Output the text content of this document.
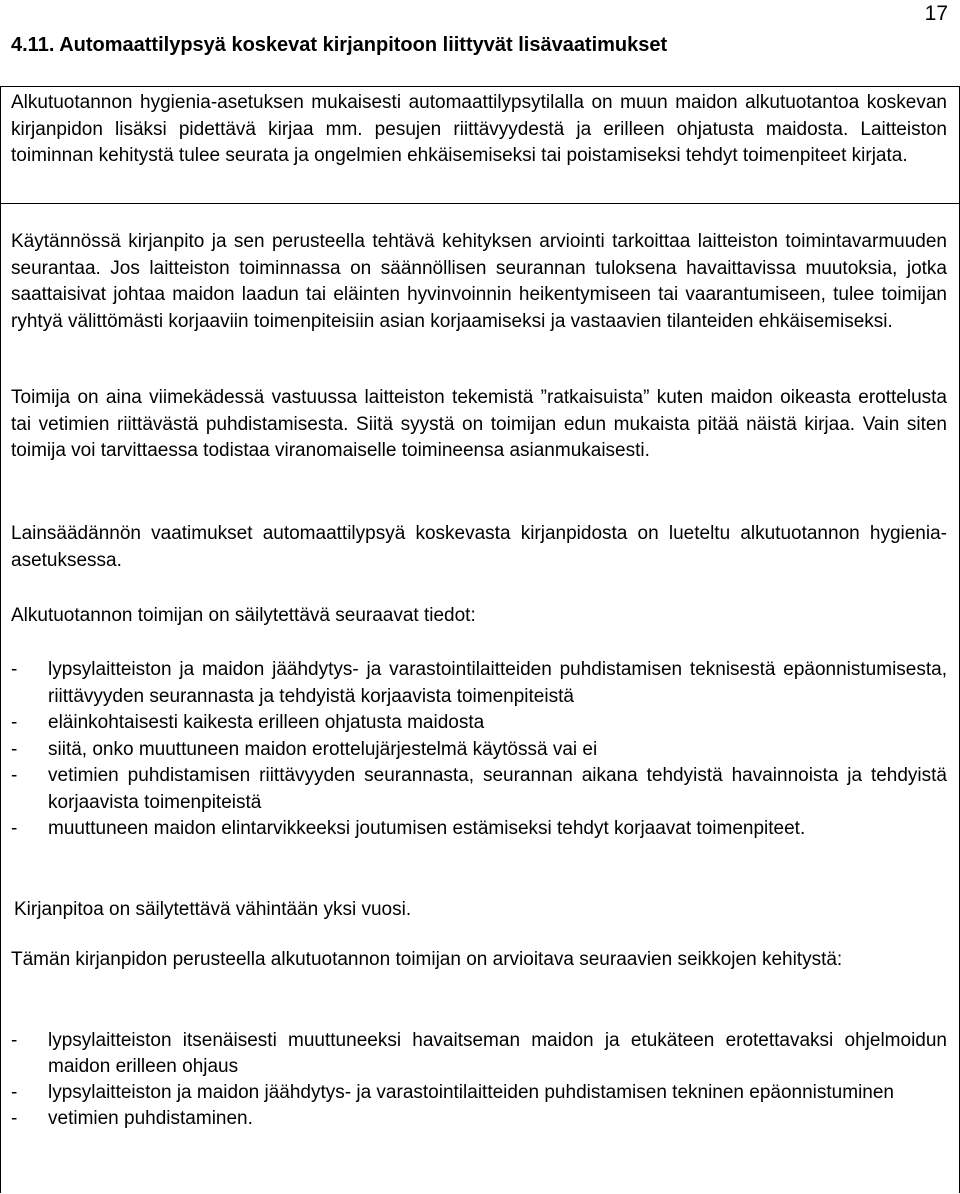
17
4.11. Automaattilypsyä koskevat kirjanpitoon liittyvät lisävaatimukset

Alkutuotannon hygienia-asetuksen mukaisesti automaattilypsytilalla on muun maidon alkutuotantoa koskevan kirjanpidon lisäksi pidettävä kirjaa mm. pesujen riittävyydestä ja erilleen ohjatusta maidosta. Laitteiston toiminnan kehitystä tulee seurata ja ongelmien ehkäisemiseksi tai poistamiseksi tehdyt toimenpiteet kirjata.

Käytännössä kirjanpito ja sen perusteella tehtävä kehityksen arviointi tarkoittaa laitteiston toimintavarmuuden seurantaa. Jos laitteiston toiminnassa on säännöllisen seurannan tuloksena havaittavissa muutoksia, jotka saattaisivat johtaa maidon laadun tai eläinten hyvinvoinnin heikentymiseen tai vaarantumiseen, tulee toimijan ryhtyä välittömästi korjaaviin toimenpiteisiin asian korjaamiseksi ja vastaavien tilanteiden ehkäisemiseksi.

Toimija on aina viimekädessä vastuussa laitteiston tekemistä ”ratkaisuista” kuten maidon oikeasta erottelusta tai vetimien riittävästä puhdistamisesta. Siitä syystä on toimijan edun mukaista pitää näistä kirjaa. Vain siten toimija voi tarvittaessa todistaa viranomaiselle toimineensa asianmukaisesti.

Lainsäädännön vaatimukset automaattilypsyä koskevasta kirjanpidosta on lueteltu alkutuotannon hygienia-asetuksessa.

Alkutuotannon toimijan on säilytettävä seuraavat tiedot:

- lypsylaitteiston ja maidon jäähdytys- ja varastointilaitteiden puhdistamisen teknisestä epäonnistumisesta, riittävyyden seurannasta ja tehdyistä korjaavista toimenpiteistä
- eläinkohtaisesti kaikesta erilleen ohjatusta maidosta
- siitä, onko muuttuneen maidon erottelujärjestelmä käytössä vai ei
- vetimien puhdistamisen riittävyyden seurannasta, seurannan aikana tehdyistä havainnoista ja tehdyistä korjaavista toimenpiteistä
- muuttuneen maidon elintarvikkeeksi joutumisen estämiseksi tehdyt korjaavat toimenpiteet.

Kirjanpitoa on säilytettävä vähintään yksi vuosi.

Tämän kirjanpidon perusteella alkutuotannon toimijan on arvioitava seuraavien seikkojen kehitystä:

- lypsylaitteiston itsenäisesti muuttuneeksi havaitseman maidon ja etukäteen erotettavaksi ohjelmoidun maidon erilleen ohjaus
- lypsylaitteiston ja maidon jäähdytys- ja varastointilaitteiden puhdistamisen tekninen epäonnistuminen
- vetimien puhdistaminen.
